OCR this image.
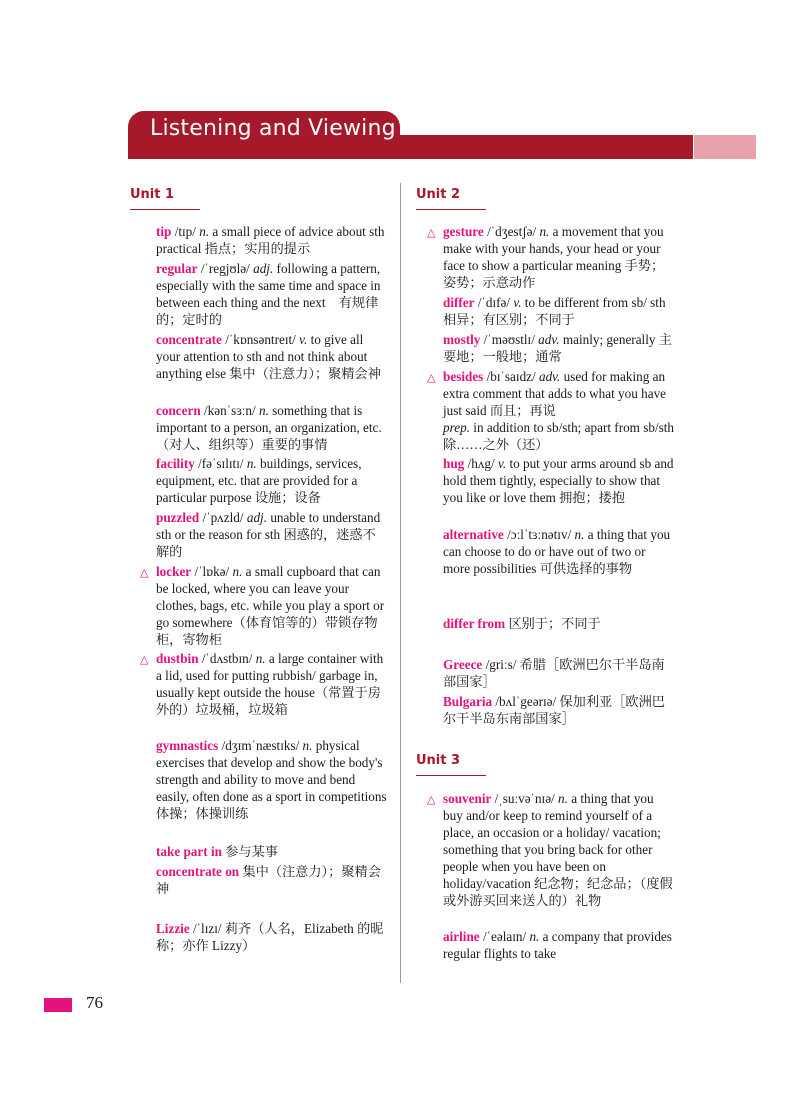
Listening and Viewing
Unit 1
tip /tɪp/ n. a small piece of advice about sth practical 指点；实用的提示
regular /ˈregjʊlə/ adj. following a pattern, especially with the same time and space in between each thing and the next　有规律的；定时的
concentrate /ˈkɒnsəntreɪt/ v. to give all your attention to sth and not think about anything else 集中（注意力）；聚精会神
concern /kənˈsɜːn/ n. something that is important to a person, an organization, etc.（对人、组织等）重要的事情
facility /fəˈsɪlɪtɪ/ n. buildings, services, equipment, etc. that are provided for a particular purpose 设施；设备
puzzled /ˈpʌzld/ adj. unable to understand sth or the reason for sth 困惑的，迷惑不解的
△ locker /ˈlɒkə/ n. a small cupboard that can be locked, where you can leave your clothes, bags, etc. while you play a sport or go somewhere（体育馆等的）带锁存物柜，寄物柜
△ dustbin /ˈdʌstbɪn/ n. a large container with a lid, used for putting rubbish/ garbage in, usually kept outside the house（常置于房外的）垃圾桶，垃圾箱
gymnastics /dʒɪmˈnæstɪks/ n. physical exercises that develop and show the body's strength and ability to move and bend easily, often done as a sport in competitions 体操；体操训练
take part in 参与某事
concentrate on 集中（注意力）；聚精会神
Lizzie /ˈlɪzɪ/ 莉齐（人名，Elizabeth 的昵称；亦作 Lizzy）
Unit 2
△ gesture /ˈdʒestʃə/ n. a movement that you make with your hands, your head or your face to show a particular meaning 手势；姿势；示意动作
differ /ˈdɪfə/ v. to be different from sb/ sth 相异；有区别；不同于
mostly /ˈməʊstlɪ/ adv. mainly; generally 主要地；一般地；通常
△ besides /bɪˈsaɪdz/ adv. used for making an extra comment that adds to what you have just said 而且；再说
prep. in addition to sb/sth; apart from sb/sth 除……之外（还）
hug /hʌg/ v. to put your arms around sb and hold them tightly, especially to show that you like or love them 拥抱；搂抱
alternative /ɔːlˈtɜːnətɪv/ n. a thing that you can choose to do or have out of two or more possibilities 可供选择的事物
differ from 区别于；不同于
Greece /griːs/ 希腊［欧洲巴尔干半岛南部国家］
Bulgaria /bʌlˈgeərɪə/ 保加利亚［欧洲巴尔干半岛东南部国家］
Unit 3
△ souvenir /ˌsuːvəˈnɪə/ n. a thing that you buy and/or keep to remind yourself of a place, an occasion or a holiday/ vacation; something that you bring back for other people when you have been on holiday/vacation 纪念物；纪念品；（度假或外游买回来送人的）礼物
airline /ˈeəlaɪn/ n. a company that provides regular flights to take
76
